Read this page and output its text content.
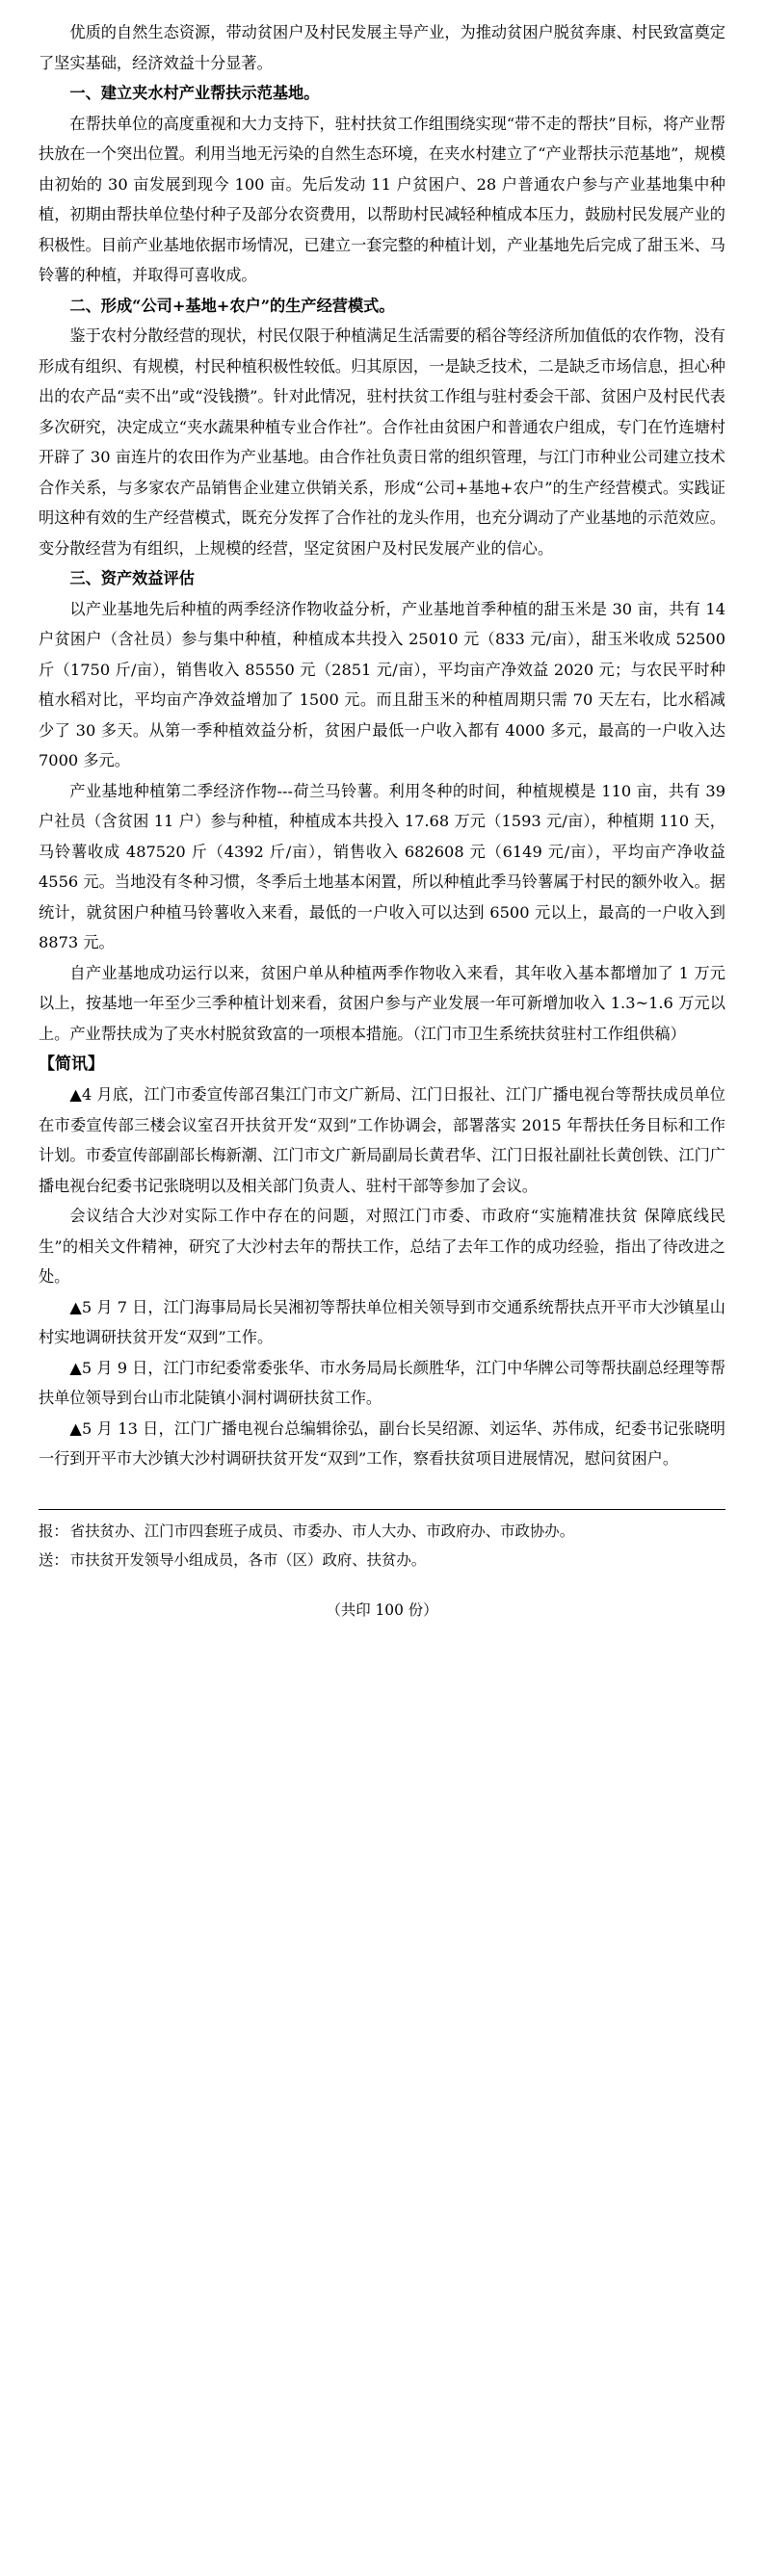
优质的自然生态资源，带动贫困户及村民发展主导产业，为推动贫困户脱贫奔康、村民致富奠定了坚实基础，经济效益十分显著。

一、建立夹水村产业帮扶示范基地。

在帮扶单位的高度重视和大力支持下，驻村扶贫工作组围绕实现“带不走的帮扶”目标，将产业帮扶放在一个突出位置。利用当地无污染的自然生态环境，在夹水村建立了“产业帮扶示范基地”，规模由初始的 30 亩发展到现今 100 亩。先后发动 11 户贫困户、28 户普通农户参与产业基地集中种植，初期由帮扶单位垫付种子及部分农资费用，以帮助村民减轻种植成本压力，鼓励村民发展产业的积极性。目前产业基地依据市场情况，已建立一套完整的种植计划，产业基地先后完成了甜玉米、马铃薯的种植，并取得可喜收成。

二、形成“公司+基地+农户”的生产经营模式。

鉴于农村分散经营的现状，村民仅限于种植满足生活需要的稻谷等经济所加值低的农作物，没有形成有组织、有规模，村民种植积极性较低。归其原因，一是缺乏技术，二是缺乏市场信息，担心种出的农产品“卖不出”或“没钱攒”。针对此情况，驻村扶贫工作组与驻村委会干部、贫困户及村民代表多次研究，决定成立“夹水蔬果种植专业合作社”。合作社由贫困户和普通农户组成，专门在竹连塘村开辟了 30 亩连片的农田作为产业基地。由合作社负责日常的组织管理，与江门市种业公司建立技术合作关系，与多家农产品销售企业建立供销关系，形成“公司+基地+农户”的生产经营模式。实践证明这种有效的生产经营模式，既充分发挥了合作社的龙头作用，也充分调动了产业基地的示范效应。变分散经营为有组织，上规模的经营，坚定贫困户及村民发展产业的信心。

三、资产效益评估

以产业基地先后种植的两季经济作物收益分析，产业基地首季种植的甜玉米是 30 亩，共有 14 户贫困户（含社员）参与集中种植，种植成本共投入 25010 元（833 元/亩），甜玉米收成 52500 斤（1750 斤/亩），销售收入 85550 元（2851 元/亩），平均亩产净效益 2020 元；与农民平时种植水稻对比，平均亩产净效益增加了 1500 元。而且甜玉米的种植周期只需 70 天左右，比水稻减少了 30 多天。从第一季种植效益分析，贫困户最低一户收入都有 4000 多元，最高的一户收入达 7000 多元。

产业基地种植第二季经济作物---荷兰马铃薯。利用冬种的时间，种植规模是 110 亩，共有 39 户社员（含贫困 11 户）参与种植，种植成本共投入 17.68 万元（1593 元/亩），种植期 110 天，马铃薯收成 487520 斤（4392 斤/亩），销售收入 682608 元（6149 元/亩），平均亩产净收益 4556 元。当地没有冬种习惯，冬季后土地基本闲置，所以种植此季马铃薯属于村民的额外收入。据统计，就贫困户种植马铃薯收入来看，最低的一户收入可以达到 6500 元以上，最高的一户收入到 8873 元。

自产业基地成功运行以来，贫困户单从种植两季作物收入来看，其年收入基本都增加了 1 万元以上，按基地一年至少三季种植计划来看，贫困户参与产业发展一年可新增加收入 1.3~1.6 万元以上。产业帮扶成为了夹水村脱贫致富的一项根本措施。（江门市卫生系统扶贫驻村工作组供稿）

【简讯】

▲4 月底，江门市委宣传部召集江门市文广新局、江门日报社、江门广播电视台等帮扶成员单位在市委宣传部三楼会议室召开扶贫开发“双到”工作协调会，部署落实 2015 年帮扶任务目标和工作计划。市委宣传部副部长梅新潮、江门市文广新局副局长黄君华、江门日报社副社长黄创铁、江门广播电视台纪委书记张晓明以及相关部门负责人、驻村干部等参加了会议。

会议结合大沙对实际工作中存在的问题，对照江门市委、市政府“实施精准扶贫 保障底线民生”的相关文件精神，研究了大沙村去年的帮扶工作，总结了去年工作的成功经验，指出了待改进之处。

▲5 月 7 日，江门海事局局长吴湘初等帮扶单位相关领导到市交通系统帮扶点开平市大沙镇星山村实地调研扶贫开发“双到”工作。

▲5 月 9 日，江门市纪委常委张华、市水务局局长颜胜华，江门中华牌公司等帮扶副总经理等帮扶单位领导到台山市北陡镇小洞村调研扶贫工作。

▲5 月 13 日，江门广播电视台总编辑徐弘，副台长吴绍源、刘运华、苏伟成，纪委书记张晓明一行到开平市大沙镇大沙村调研扶贫开发“双到”工作，察看扶贫项目进展情况，慰问贫困户。

报： 省扶贫办、江门市四套班子成员、市委办、市人大办、市政府办、市政协办。
送： 市扶贫开发领导小组成员，各市（区）政府、扶贫办。
（共印 100 份）
